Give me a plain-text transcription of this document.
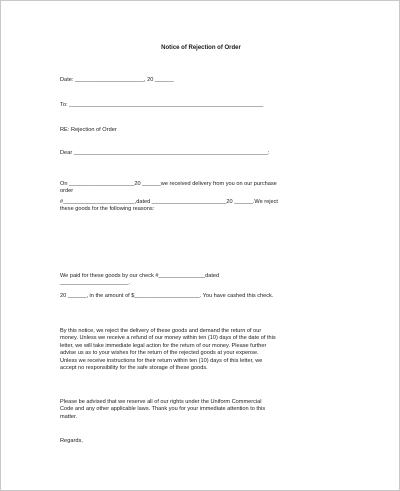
Notice of Rejection of Order
Date: ______________________, 20 ______
To: ______________________________________________________________
RE: Rejection of Order
Dear ______________________________________________________________:
On _____________________20 ______we received delivery from you on our purchase
order
#_______________________,dated ________________________20 ______.We reject
these goods for the following reasons:
We paid for these goods by our check #_______________dated
______________________.
20 ______, in the amount of $_____________________. You have cashed this check.
By this notice, we reject the delivery of these goods and demand the return of our
money. Unless we receive a refund of our money within ten (10) days of the date of this
letter, we will take immediate legal action for the return of our money. Please further
advise us as to your wishes for the return of the rejected goods at your expense.
Unless we receive instructions for their return within ten (10) days of this letter, we
accept no responsibility for the safe storage of these goods.
Please be advised that we reserve all of our rights under the Uniform Commercial
Code and any other applicable laws. Thank you for your immediate attention to this
matter.
Regards,
